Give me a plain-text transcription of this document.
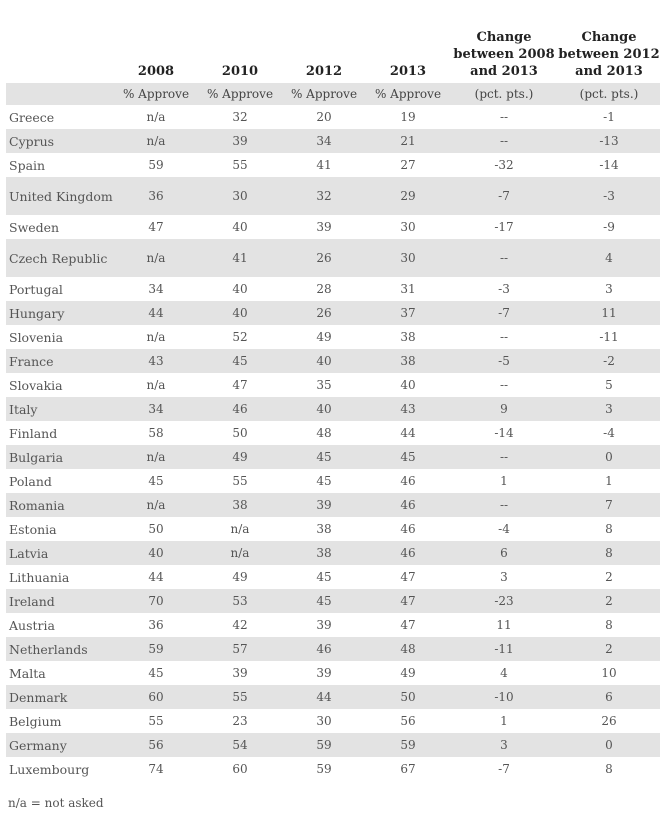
	2008	2010	2012	2013	Change between 2008 and 2013	Change between 2012 and 2013
	% Approve	% Approve	% Approve	% Approve	(pct. pts.)	(pct. pts.)
Greece	n/a	32	20	19	--	-1
Cyprus	n/a	39	34	21	--	-13
Spain	59	55	41	27	-32	-14
United Kingdom	36	30	32	29	-7	-3
Sweden	47	40	39	30	-17	-9
Czech Republic	n/a	41	26	30	--	4
Portugal	34	40	28	31	-3	3
Hungary	44	40	26	37	-7	11
Slovenia	n/a	52	49	38	--	-11
France	43	45	40	38	-5	-2
Slovakia	n/a	47	35	40	--	5
Italy	34	46	40	43	9	3
Finland	58	50	48	44	-14	-4
Bulgaria	n/a	49	45	45	--	0
Poland	45	55	45	46	1	1
Romania	n/a	38	39	46	--	7
Estonia	50	n/a	38	46	-4	8
Latvia	40	n/a	38	46	6	8
Lithuania	44	49	45	47	3	2
Ireland	70	53	45	47	-23	2
Austria	36	42	39	47	11	8
Netherlands	59	57	46	48	-11	2
Malta	45	39	39	49	4	10
Denmark	60	55	44	50	-10	6
Belgium	55	23	30	56	1	26
Germany	56	54	59	59	3	0
Luxembourg	74	60	59	67	-7	8
n/a = not asked
